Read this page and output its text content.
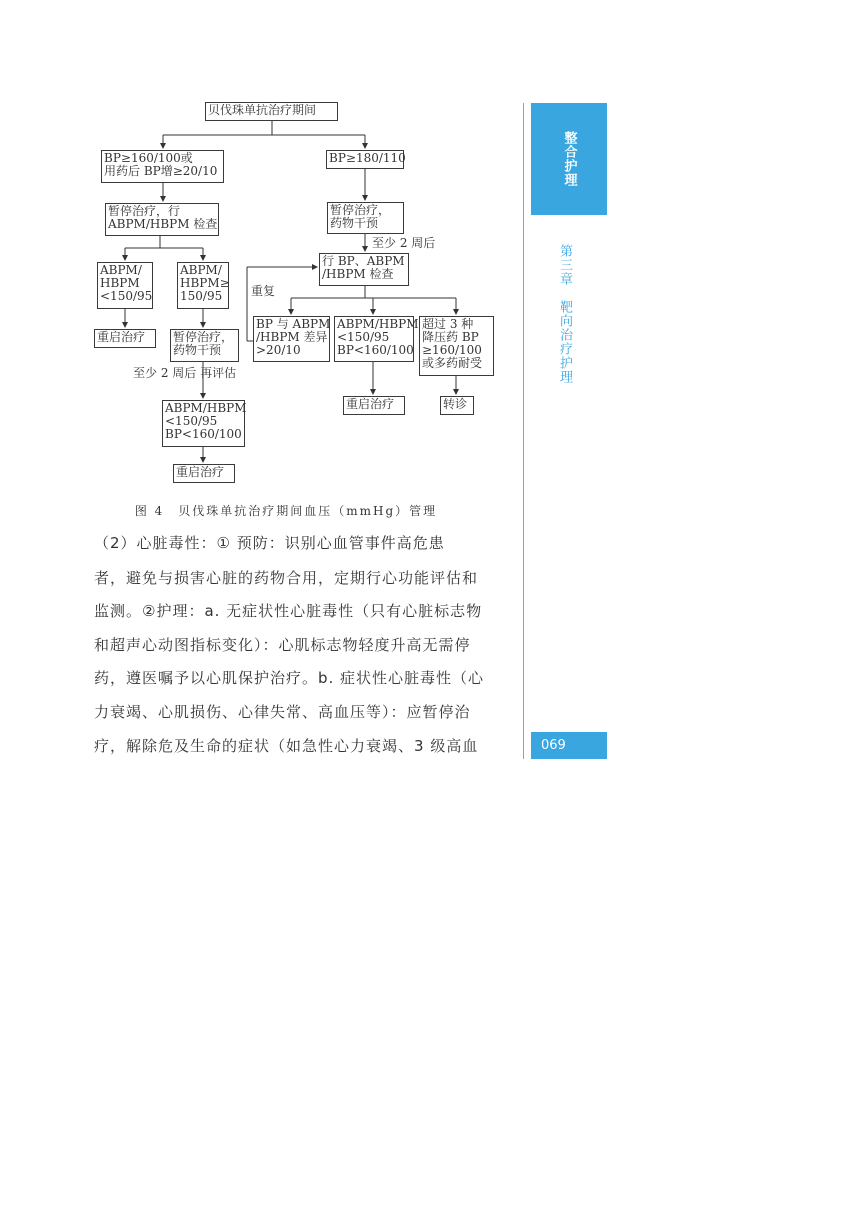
贝伐珠单抗治疗期间
BP≥160/100或
用药后 BP增≥20/10
BP≥180/110
暂停治疗，行
ABPM/HBPM 检查
暂停治疗，
药物干预
至少 2 周后
行 BP、ABPM
/HBPM 检查
重复
ABPM/
HBPM
<150/95
ABPM/
HBPM≥
150/95
重启治疗	暂停治疗，
药物干预
至少 2 周后 再评估
ABPM/HBPM
<150/95
BP<160/100
重启治疗
BP 与 ABPM
/HBPM 差异
>20/10
ABPM/HBPM
<150/95
BP<160/100
超过 3 种
降压药 BP
≥160/100
或多药耐受
重启治疗	转诊
图 4　贝伐珠单抗治疗期间血压（mmHg）管理
（2）心脏毒性：① 预防：识别心血管事件高危患
者，避免与损害心脏的药物合用，定期行心功能评估和
监测。②护理：a. 无症状性心脏毒性（只有心脏标志物
和超声心动图指标变化）：心肌标志物轻度升高无需停
药，遵医嘱予以心肌保护治疗。b. 症状性心脏毒性（心
力衰竭、心肌损伤、心律失常、高血压等）：应暂停治
疗，解除危及生命的症状（如急性心力衰竭、3 级高血
整合护理
第三章　靶向治疗护理
069
